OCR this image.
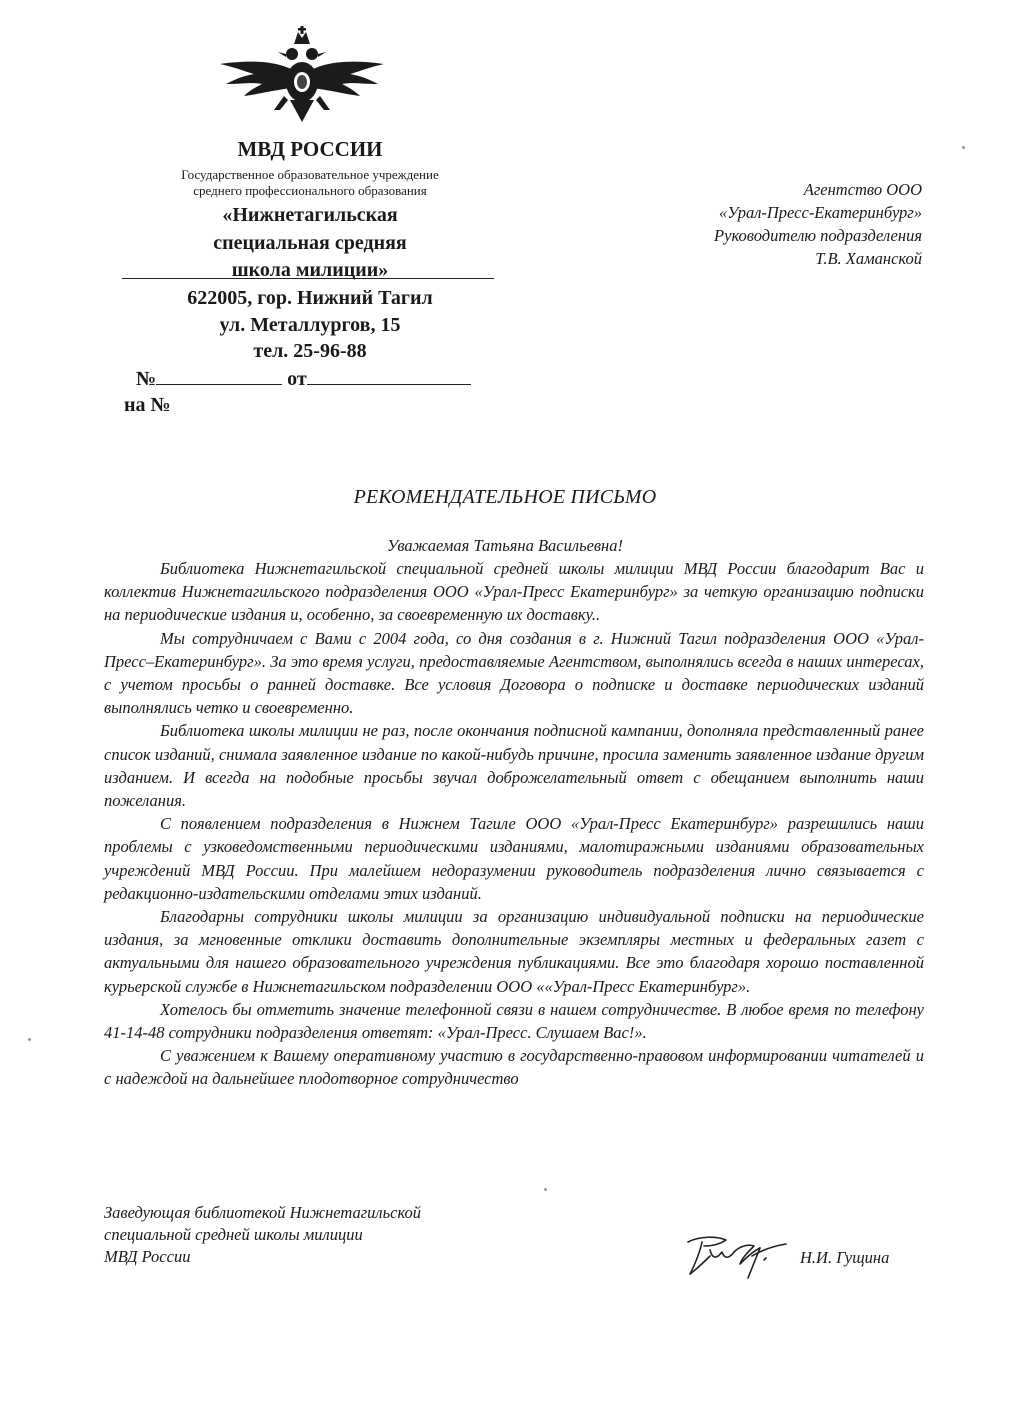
МВД РОССИИ
Государственное образовательное учреждение
среднего профессионального образования
«Нижнетагильская
специальная средняя
школа милиции»
622005, гор. Нижний Тагил
ул. Металлургов, 15
тел. 25-96-88
№	от
на №
Агентство ООО
«Урал-Пресс-Екатеринбург»
Руководителю подразделения
Т.В. Хаманской
РЕКОМЕНДАТЕЛЬНОЕ ПИСЬМО
Уважаемая Татьяна Васильевна!

Библиотека Нижнетагильской специальной средней школы милиции МВД России благодарит Вас и коллектив Нижнетагильского подразделения ООО «Урал-Пресс Екатеринбург» за четкую организацию подписки на периодические издания и, особенно, за своевременную их доставку..

Мы сотрудничаем с Вами с 2004 года, со дня создания в г. Нижний Тагил подразделения ООО «Урал-Пресс–Екатеринбург». За это время услуги, предоставляемые Агентством, выполнялись всегда в наших интересах, с учетом просьбы о ранней доставке. Все условия Договора о подписке и доставке периодических изданий выполнялись четко и своевременно.

Библиотека школы милиции не раз, после окончания подписной кампании, дополняла представленный ранее список изданий, снимала заявленное издание по какой-нибудь причине, просила заменить заявленное издание другим изданием. И всегда на подобные просьбы звучал доброжелательный ответ с обещанием выполнить наши пожелания.

С появлением подразделения в Нижнем Тагиле ООО «Урал-Пресс Екатеринбург» разрешились наши проблемы с узковедомственными периодическими изданиями, малотиражными изданиями образовательных учреждений МВД России. При малейшем недоразумении руководитель подразделения лично связывается с редакционно-издательскими отделами этих изданий.

Благодарны сотрудники школы милиции за организацию индивидуальной подписки на периодические издания, за мгновенные отклики доставить дополнительные экземпляры местных и федеральных газет с актуальными для нашего образовательного учреждения публикациями. Все это благодаря хорошо поставленной курьерской службе в Нижнетагильском подразделении ООО ««Урал-Пресс Екатеринбург».

Хотелось бы отметить значение телефонной связи в нашем сотрудничестве. В любое время по телефону 41-14-48 сотрудники подразделения ответят: «Урал-Пресс. Слушаем Вас!».

С уважением к Вашему оперативному участию в государственно-правовом информировании читателей и с надеждой на дальнейшее плодотворное сотрудничество

Заведующая библиотекой Нижнетагильской
специальной средней школы милиции
МВД России	Н.И. Гущина
